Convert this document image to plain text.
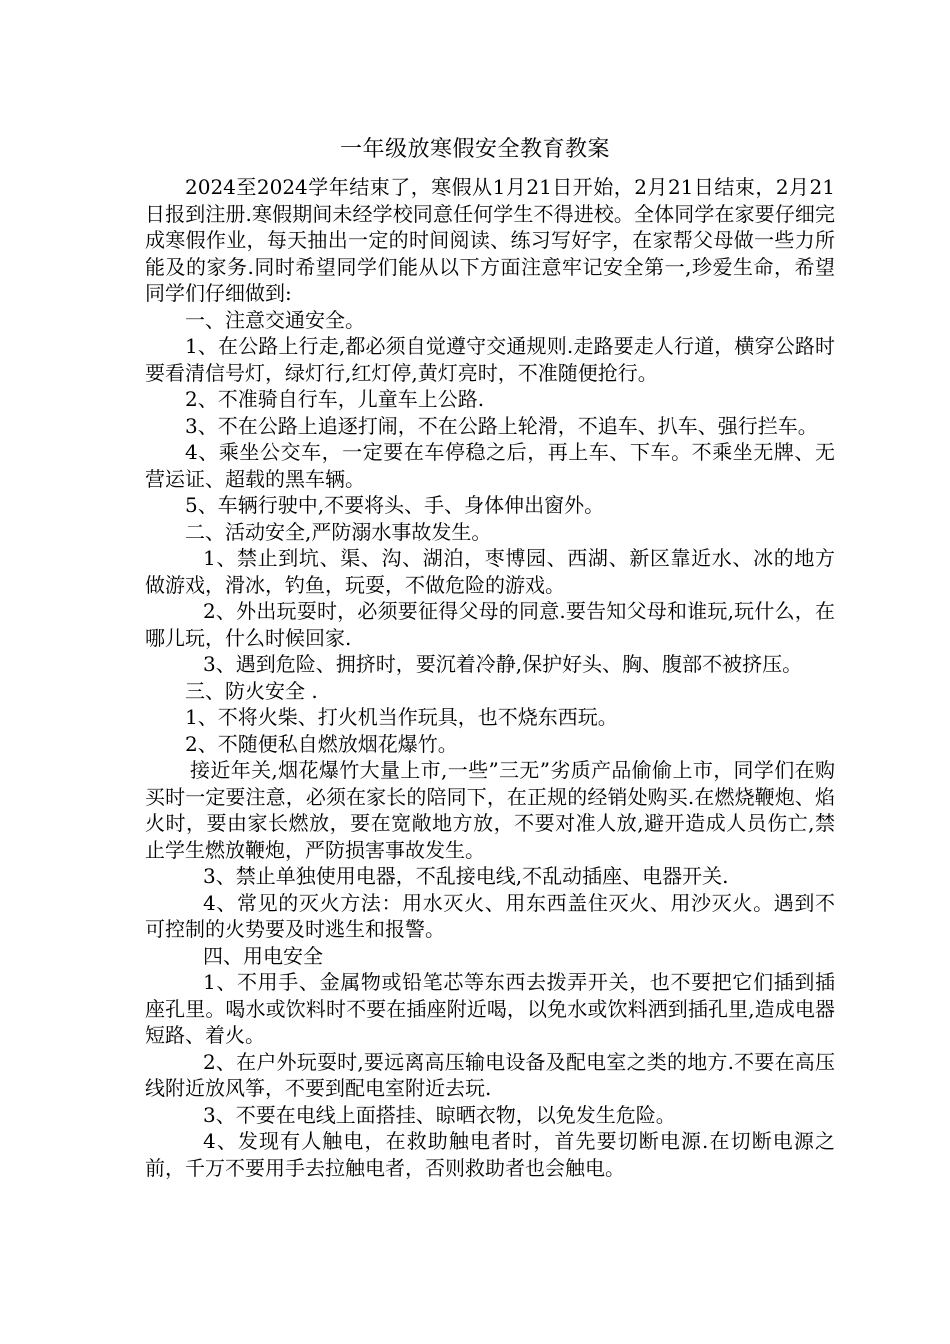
一年级放寒假安全教育教案

2024至2024学年结束了，寒假从1月21日开始，2月21日结束，2月21日报到注册.寒假期间未经学校同意任何学生不得进校。全体同学在家要仔细完成寒假作业，每天抽出一定的时间阅读、练习写好字，在家帮父母做一些力所能及的家务.同时希望同学们能从以下方面注意牢记安全第一,珍爱生命，希望同学们仔细做到:

一、注意交通安全。

1、在公路上行走,都必须自觉遵守交通规则.走路要走人行道，横穿公路时要看清信号灯，绿灯行,红灯停,黄灯亮时，不准随便抢行。

2、不准骑自行车，儿童车上公路.

3、不在公路上追逐打闹，不在公路上轮滑，不追车、扒车、强行拦车。

4、乘坐公交车，一定要在车停稳之后，再上车、下车。不乘坐无牌、无营运证、超载的黑车辆。

5、车辆行驶中,不要将头、手、身体伸出窗外。

二、活动安全,严防溺水事故发生。

1、禁止到坑、渠、沟、湖泊，枣博园、西湖、新区靠近水、冰的地方做游戏，滑冰，钓鱼，玩耍，不做危险的游戏。

2、外出玩耍时，必须要征得父母的同意.要告知父母和谁玩,玩什么，在哪儿玩，什么时候回家.

3、遇到危险、拥挤时，要沉着冷静,保护好头、胸、腹部不被挤压。

三、防火安全 .

1、不将火柴、打火机当作玩具，也不烧东西玩。

2、不随便私自燃放烟花爆竹。

接近年关,烟花爆竹大量上市,一些”三无”劣质产品偷偷上市，同学们在购买时一定要注意，必须在家长的陪同下，在正规的经销处购买.在燃烧鞭炮、焰火时，要由家长燃放，要在宽敞地方放，不要对准人放,避开造成人员伤亡,禁止学生燃放鞭炮，严防损害事故发生。

3、禁止单独使用电器，不乱接电线,不乱动插座、电器开关.

4、常见的灭火方法：用水灭火、用东西盖住灭火、用沙灭火。遇到不可控制的火势要及时逃生和报警。

四、用电安全

1、不用手、金属物或铅笔芯等东西去拨弄开关，也不要把它们插到插座孔里。喝水或饮料时不要在插座附近喝，以免水或饮料洒到插孔里,造成电器短路、着火。

2、在户外玩耍时,要远离高压输电设备及配电室之类的地方.不要在高压线附近放风筝，不要到配电室附近去玩.

3、不要在电线上面搭挂、晾晒衣物，以免发生危险。

4、发现有人触电，在救助触电者时，首先要切断电源.在切断电源之前，千万不要用手去拉触电者，否则救助者也会触电。
